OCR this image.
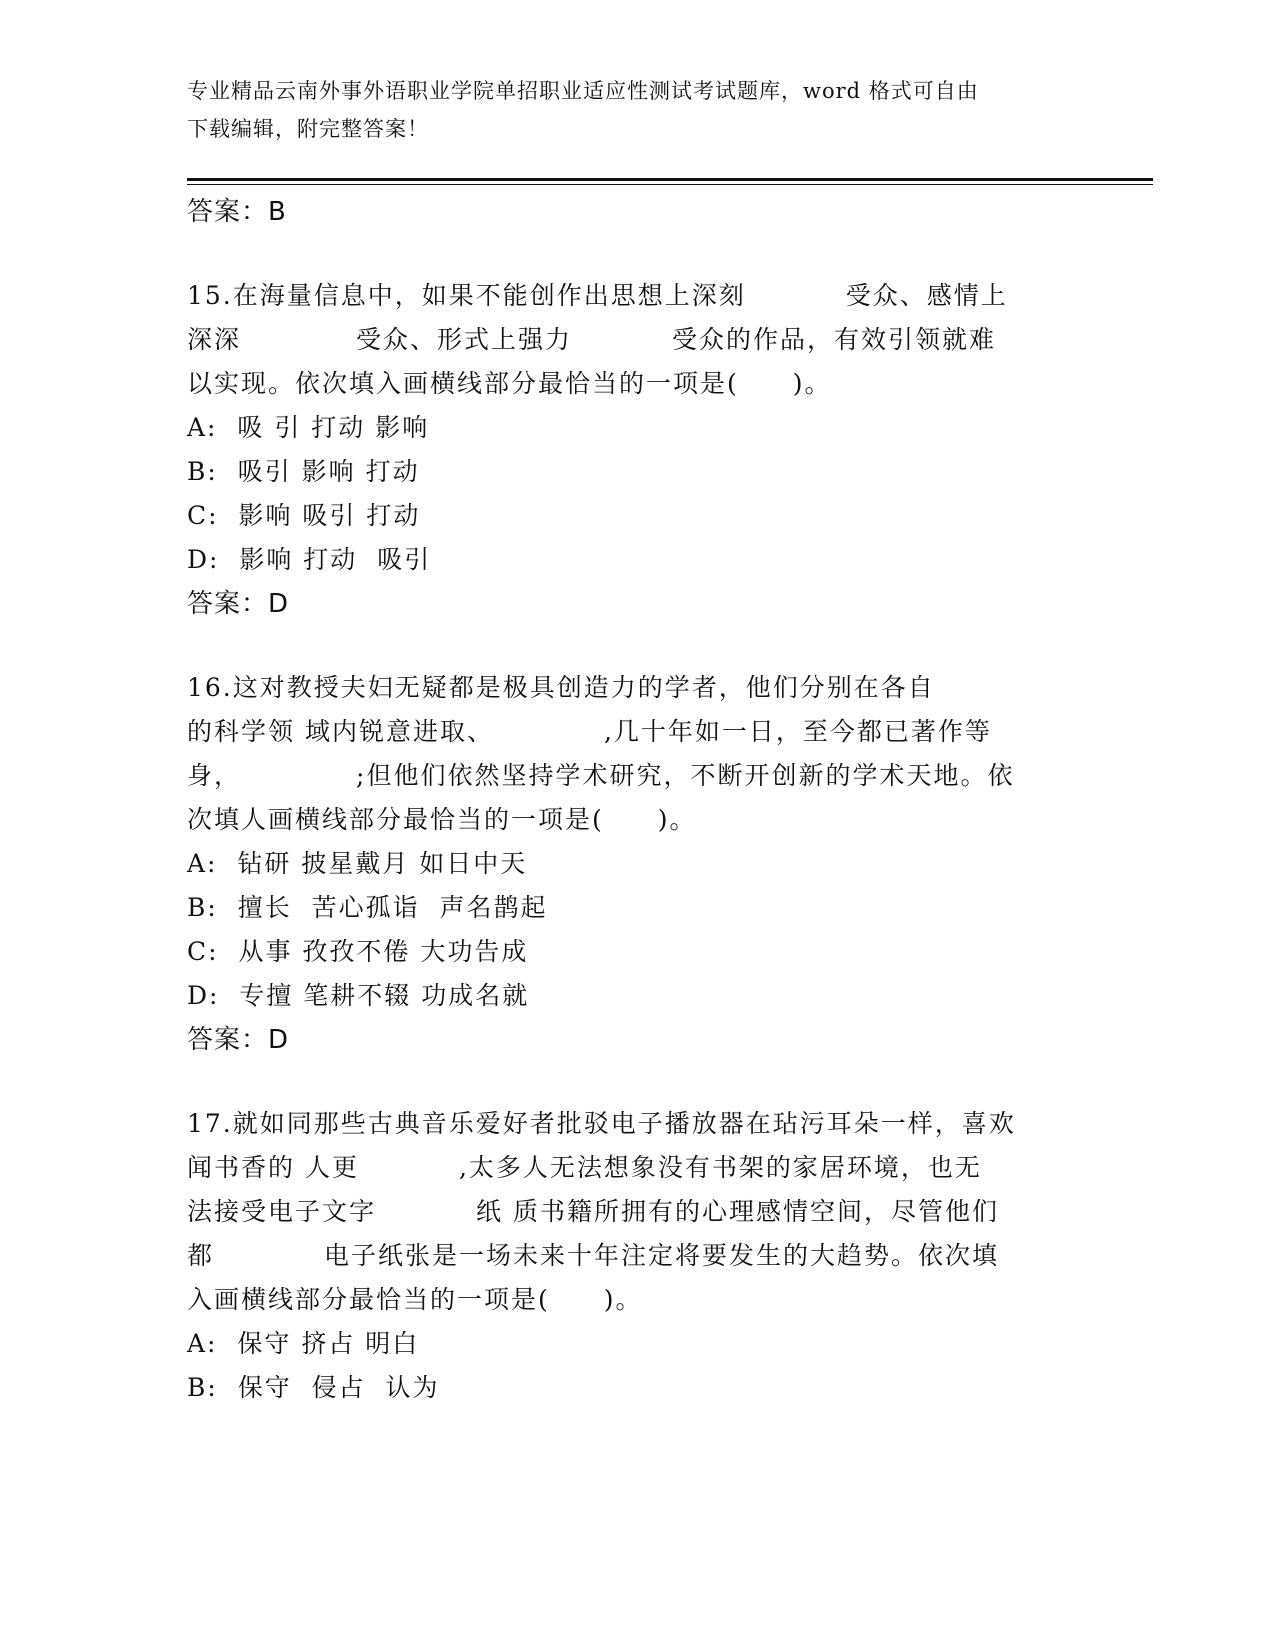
专业精品云南外事外语职业学院单招职业适应性测试考试题库，word 格式可自由
下载编辑，附完整答案！
答案：B
15.在海量信息中，如果不能创作出思想上深刻	受众、感情上
深深	受众、形式上强力	受众的作品，有效引领就难
以实现。依次填入画横线部分最恰当的一项是(　　)。
A:  吸 引 打动 影响
B:  吸引 影响 打动
C:  影响 吸引 打动
D:  影响 打动  吸引
答案：D
16.这对教授夫妇无疑都是极具创造力的学者，他们分别在各自
的科学领 域内锐意进取、	,几十年如一日，至今都已著作等
身，	;但他们依然坚持学术研究，不断开创新的学术天地。依
次填人画横线部分最恰当的一项是(　　)。
A:  钻研 披星戴月 如日中天
B:  擅长  苦心孤诣  声名鹊起
C:  从事 孜孜不倦 大功告成
D:  专擅 笔耕不辍 功成名就
答案：D
17.就如同那些古典音乐爱好者批驳电子播放器在玷污耳朵一样，喜欢
闻书香的 人更	,太多人无法想象没有书架的家居环境，也无
法接受电子文字	纸 质书籍所拥有的心理感情空间，尽管他们
都	电子纸张是一场未来十年注定将要发生的大趋势。依次填
入画横线部分最恰当的一项是(　　)。
A:  保守 挤占 明白
B:  保守  侵占  认为
